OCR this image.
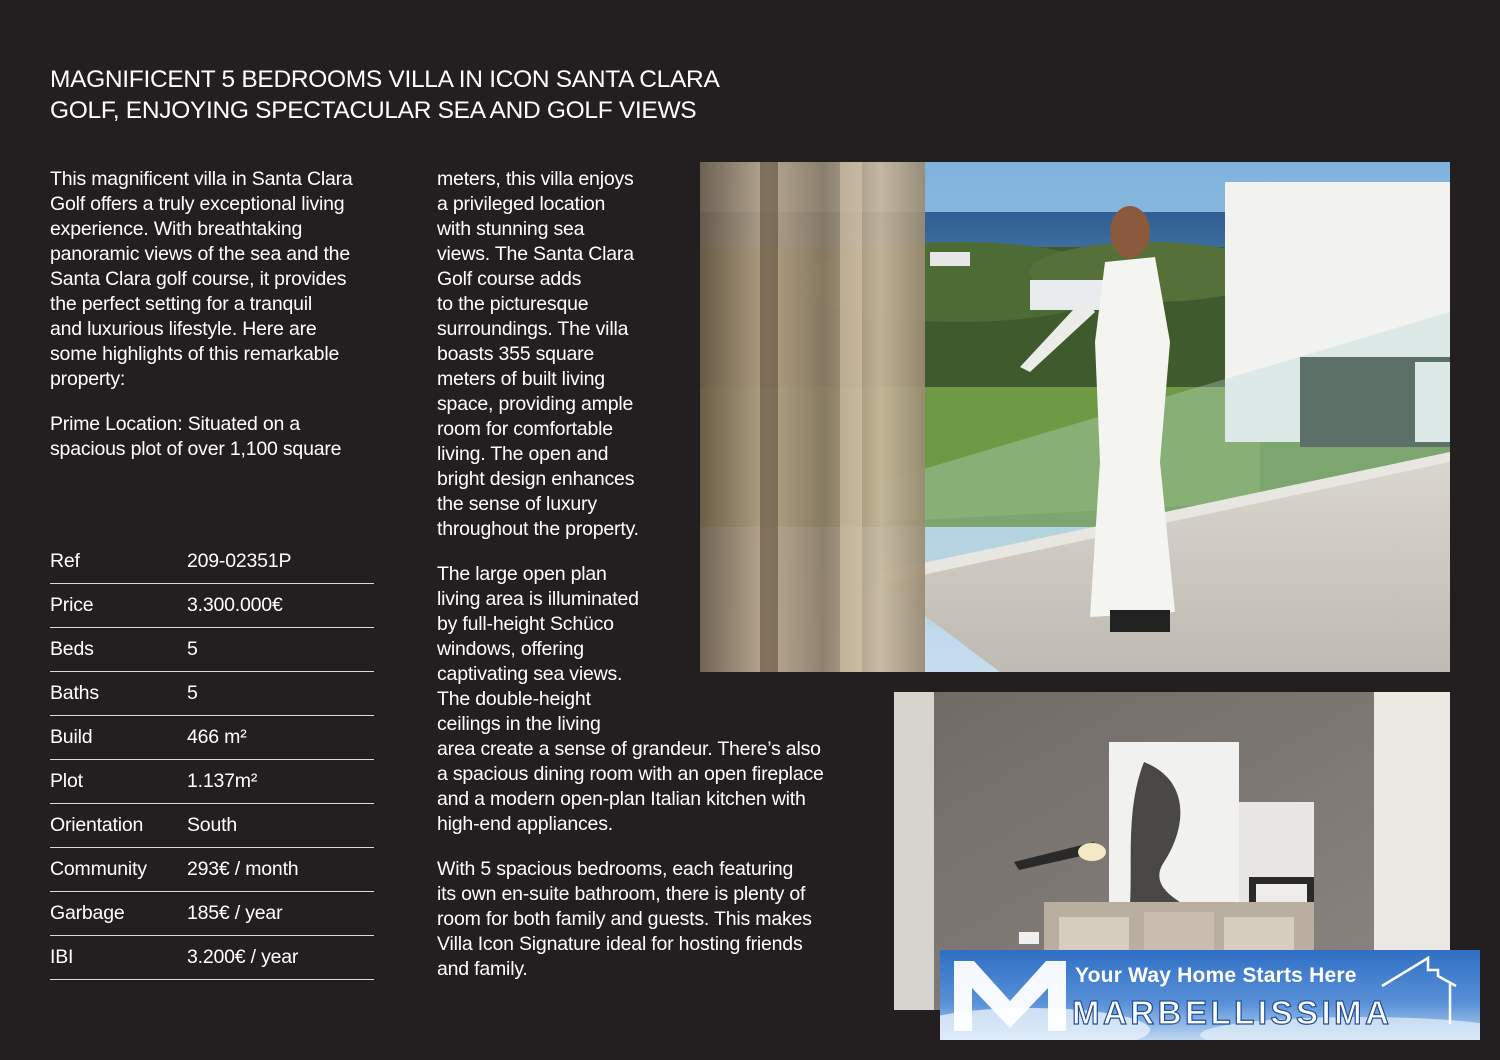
MAGNIFICENT 5 BEDROOMS VILLA IN ICON SANTA CLARA
GOLF, ENJOYING SPECTACULAR SEA AND GOLF VIEWS

This magnificent villa in Santa Clara
Golf offers a truly exceptional living
experience. With breathtaking
panoramic views of the sea and the
Santa Clara golf course, it provides
the perfect setting for a tranquil
and luxurious lifestyle. Here are
some highlights of this remarkable
property:

Prime Location: Situated on a
spacious plot of over 1,100 square

Ref	209-02351P
Price	3.300.000€
Beds	5
Baths	5
Build	466 m²
Plot	1.137m²
Orientation	South
Community	293€ / month
Garbage	185€ / year
IBI	3.200€ / year

meters, this villa enjoys
a privileged location
with stunning sea
views. The Santa Clara
Golf course adds
to the picturesque
surroundings. The villa
boasts 355 square
meters of built living
space, providing ample
room for comfortable
living. The open and
bright design enhances
the sense of luxury
throughout the property.

The large open plan
living area is illuminated
by full-height Schüco
windows, offering
captivating sea views.
The double-height
ceilings in the living

area create a sense of grandeur. There’s also
a spacious dining room with an open fireplace
and a modern open-plan Italian kitchen with
high-end appliances.

With 5 spacious bedrooms, each featuring
its own en-suite bathroom, there is plenty of
room for both family and guests. This makes
Villa Icon Signature ideal for hosting friends
and family.	Your Way Home Starts Here
MARBELLISSIMA
